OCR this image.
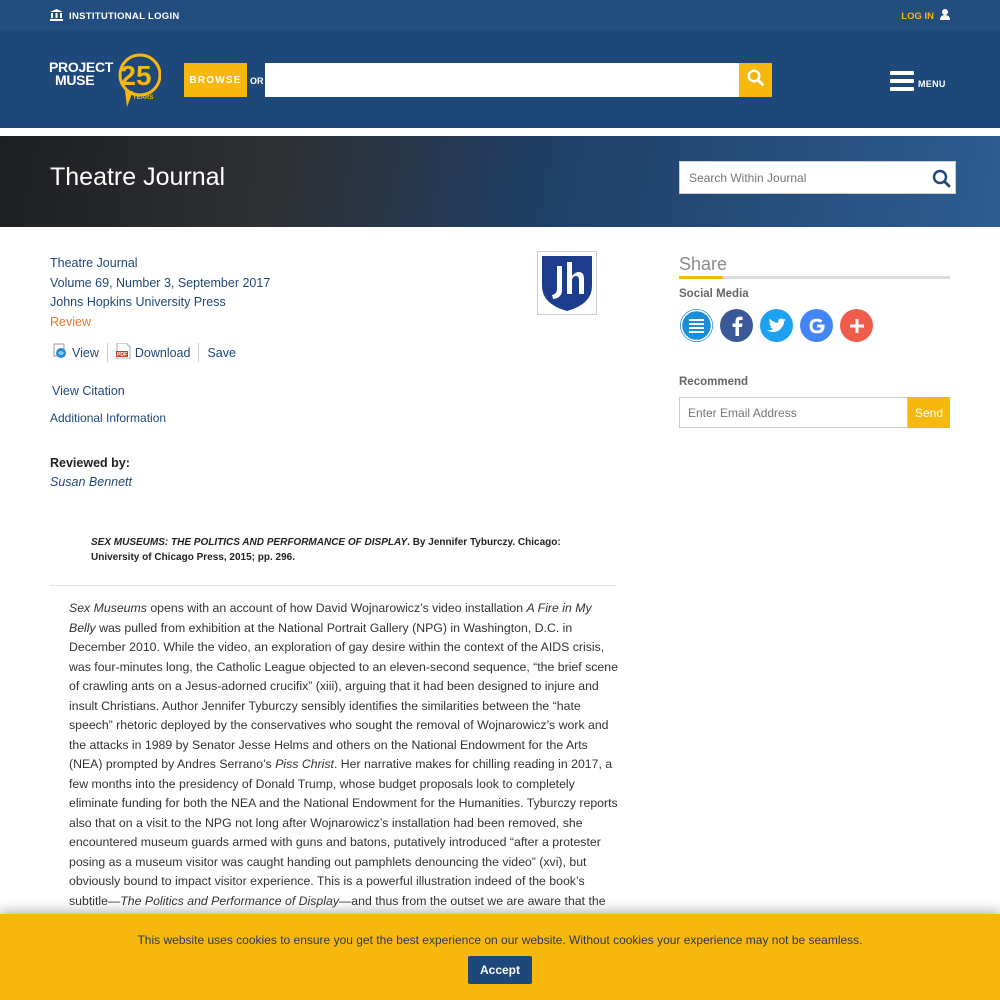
INSTITUTIONAL LOGIN	LOG IN
PROJECT
MUSE 25
YEARS
BROWSE OR	MENU
Theatre Journal
Search Within Journal
Theatre Journal
Volume 69, Number 3, September 2017
Johns Hopkins University Press
Review
View	PDF Download Save
View Citation
Additional Information
Reviewed by:
Susan Bennett
SEX MUSEUMS: THE POLITICS AND PERFORMANCE OF DISPLAY. By Jennifer Tyburczy. Chicago: University of Chicago Press, 2015; pp. 296.
Sex Museums opens with an account of how David Wojnarowicz’s video installation A Fire in My Belly was pulled from exhibition at the National Portrait Gallery (NPG) in Washington, D.C. in December 2010. While the video, an exploration of gay desire within the context of the AIDS crisis, was four-minutes long, the Catholic League objected to an eleven-second sequence, “the brief scene of crawling ants on a Jesus-adorned crucifix” (xiii), arguing that it had been designed to injure and insult Christians. Author Jennifer Tyburczy sensibly identifies the similarities between the “hate speech” rhetoric deployed by the conservatives who sought the removal of Wojnarowicz’s work and the attacks in 1989 by Senator Jesse Helms and others on the National Endowment for the Arts (NEA) prompted by Andres Serrano’s Piss Christ. Her narrative makes for chilling reading in 2017, a few months into the presidency of Donald Trump, whose budget proposals look to completely eliminate funding for both the NEA and the National Endowment for the Humanities. Tyburczy reports also that on a visit to the NPG not long after Wojnarowicz’s installation had been removed, she encountered museum guards armed with guns and batons, putatively introduced “after a protester posing as a museum visitor was caught handing out pamphlets denouncing the video” (xvi), but obviously bound to impact visitor experience. This is a powerful illustration indeed of the book’s subtitle—The Politics and Performance of Display—and thus from the outset we are aware that the
Share
Social Media
Recommend
Enter Email Address
Send
This website uses cookies to ensure you get the best experience on our website. Without cookies your experience may not be seamless.
Accept
